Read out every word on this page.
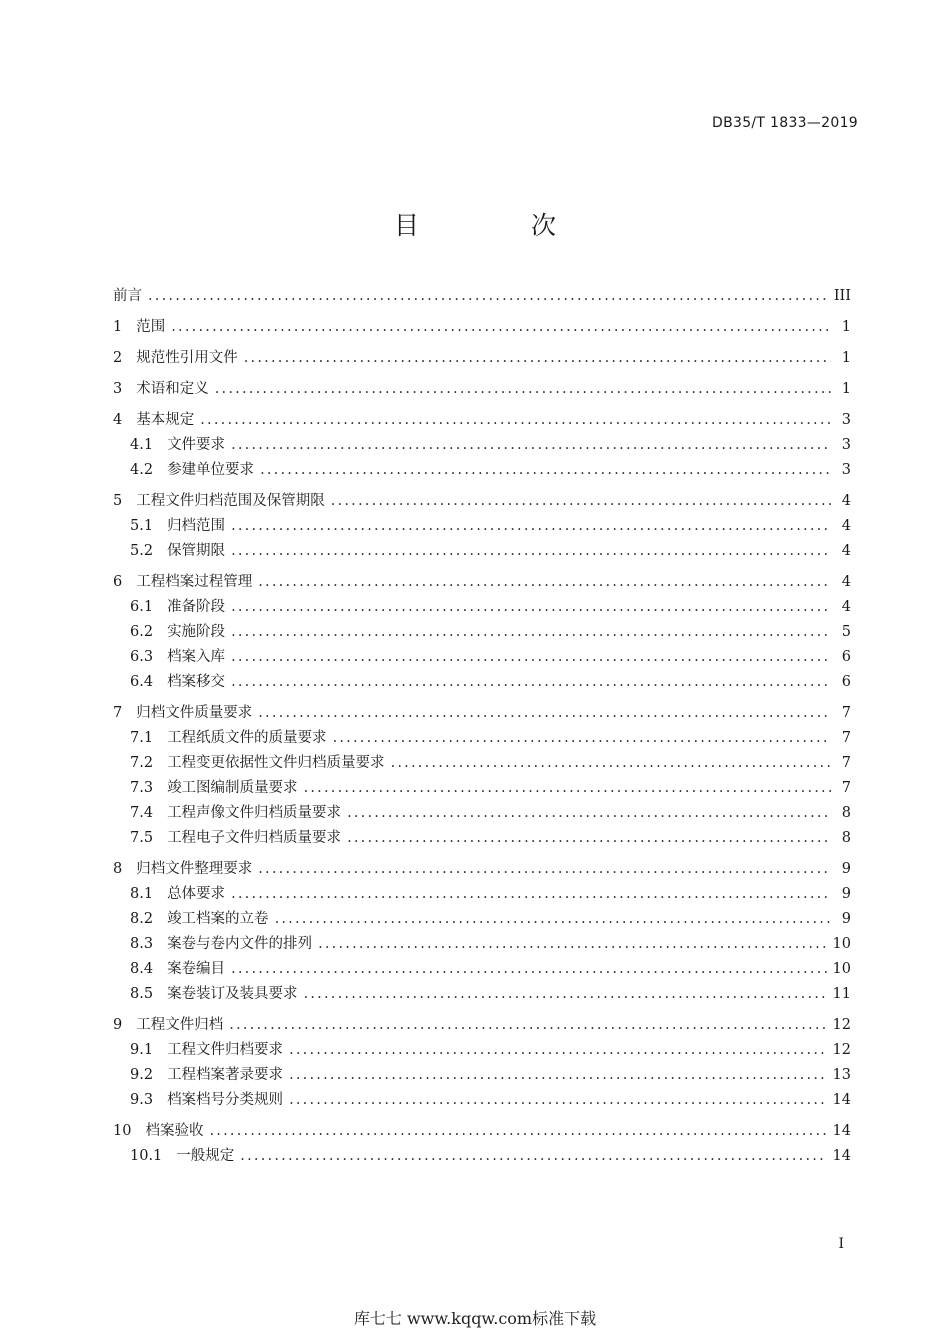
DB35/T 1833—2019
目 次
前言 .....	III
1 范围 .....	1
2 规范性引用文件 .....	1
3 术语和定义 .....	1
4 基本规定 .....	3
4.1 文件要求 .....	3
4.2 参建单位要求 .....	3
5 工程文件归档范围及保管期限 .....	4
5.1 归档范围 .....	4
5.2 保管期限 .....	4
6 工程档案过程管理 .....	4
6.1 准备阶段 .....	4
6.2 实施阶段 .....	5
6.3 档案入库 .....	6
6.4 档案移交 .....	6
7 归档文件质量要求 .....	7
7.1 工程纸质文件的质量要求 .....	7
7.2 工程变更依据性文件归档质量要求 .....	7
7.3 竣工图编制质量要求 .....	7
7.4 工程声像文件归档质量要求 .....	8
7.5 工程电子文件归档质量要求 .....	8
8 归档文件整理要求 .....	9
8.1 总体要求 .....	9
8.2 竣工档案的立卷 .....	9
8.3 案卷与卷内文件的排列 .....	10
8.4 案卷编目 .....	10
8.5 案卷装订及装具要求 .....	11
9 工程文件归档 .....	12
9.1 工程文件归档要求 .....	12
9.2 工程档案著录要求 .....	13
9.3 档案档号分类规则 .....	14
10 档案验收 .....	14
10.1 一般规定 .....	14
I
库七七 www.kqqw.com标准下载
